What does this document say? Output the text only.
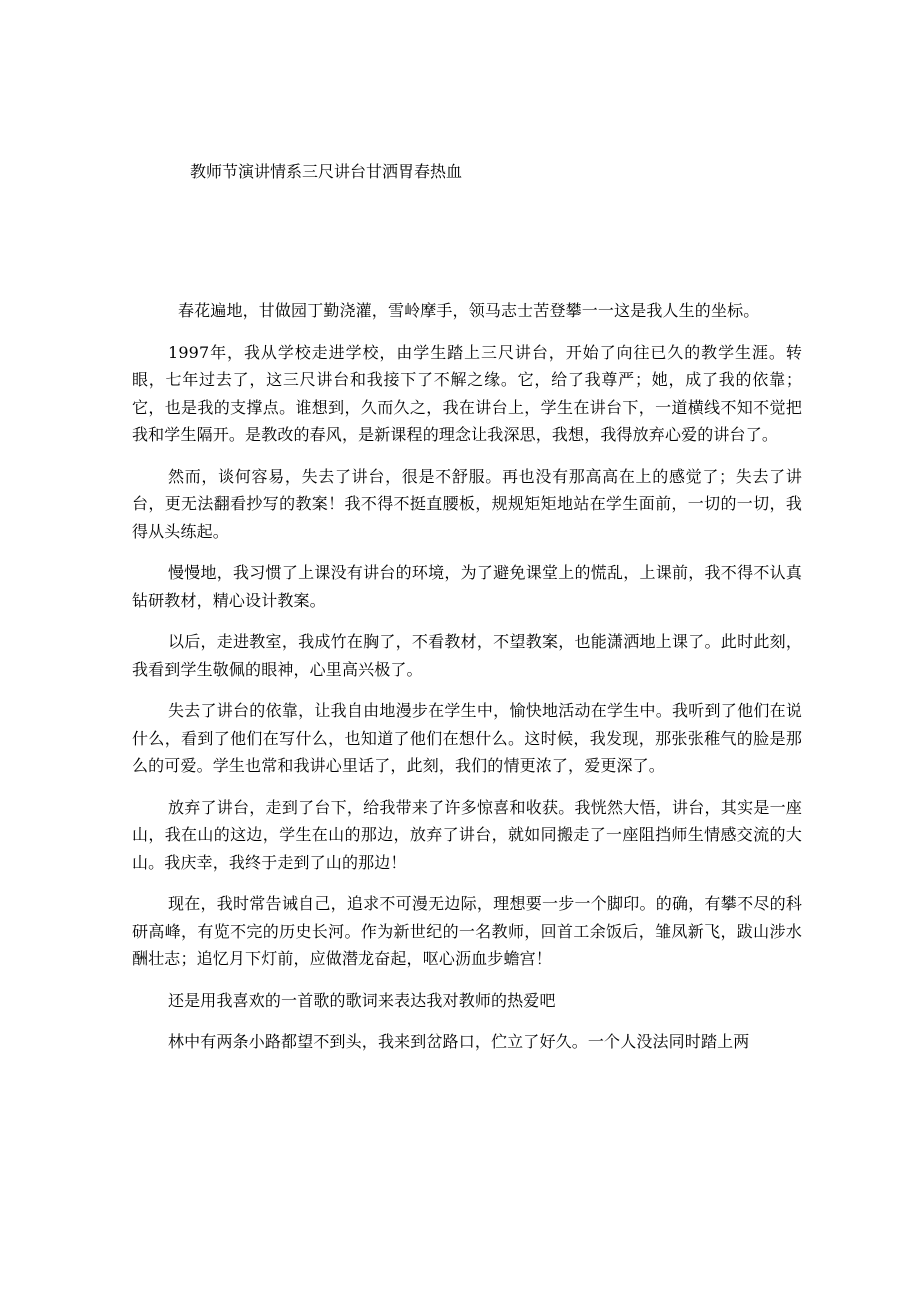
教师节演讲情系三尺讲台甘洒胃春热血

春花遍地，甘做园丁勤浇灌，雪岭摩手，领马志士苦登攀一一这是我人生的坐标。

1997年，我从学校走进学校，由学生踏上三尺讲台，开始了向往已久的教学生涯。转眼，七年过去了，这三尺讲台和我接下了不解之缘。它，给了我尊严；她，成了我的依靠；它，也是我的支撑点。谁想到，久而久之，我在讲台上，学生在讲台下，一道横线不知不觉把我和学生隔开。是教改的春风，是新课程的理念让我深思，我想，我得放弃心爱的讲台了。

然而，谈何容易，失去了讲台，很是不舒服。再也没有那高高在上的感觉了；失去了讲台，更无法翻看抄写的教案！我不得不挺直腰板，规规矩矩地站在学生面前，一切的一切，我得从头练起。

慢慢地，我习惯了上课没有讲台的环境，为了避免课堂上的慌乱，上课前，我不得不认真钻研教材，精心设计教案。

以后，走进教室，我成竹在胸了，不看教材，不望教案，也能潇洒地上课了。此时此刻，我看到学生敬佩的眼神，心里高兴极了。

失去了讲台的依靠，让我自由地漫步在学生中，愉快地活动在学生中。我听到了他们在说什么，看到了他们在写什么，也知道了他们在想什么。这时候，我发现，那张张稚气的脸是那么的可爱。学生也常和我讲心里话了，此刻，我们的情更浓了，爱更深了。

放弃了讲台，走到了台下，给我带来了许多惊喜和收获。我恍然大悟，讲台，其实是一座山，我在山的这边，学生在山的那边，放弃了讲台，就如同搬走了一座阻挡师生情感交流的大山。我庆幸，我终于走到了山的那边！

现在，我时常告诫自己，追求不可漫无边际，理想要一步一个脚印。的确，有攀不尽的科研高峰，有览不完的历史长河。作为新世纪的一名教师，回首工余饭后，雏凤新飞，跋山涉水酬壮志；追忆月下灯前，应做潜龙奋起，呕心沥血步蟾宫！

还是用我喜欢的一首歌的歌词来表达我对教师的热爱吧

林中有两条小路都望不到头，我来到岔路口，伫立了好久。一个人没法同时踏上两
